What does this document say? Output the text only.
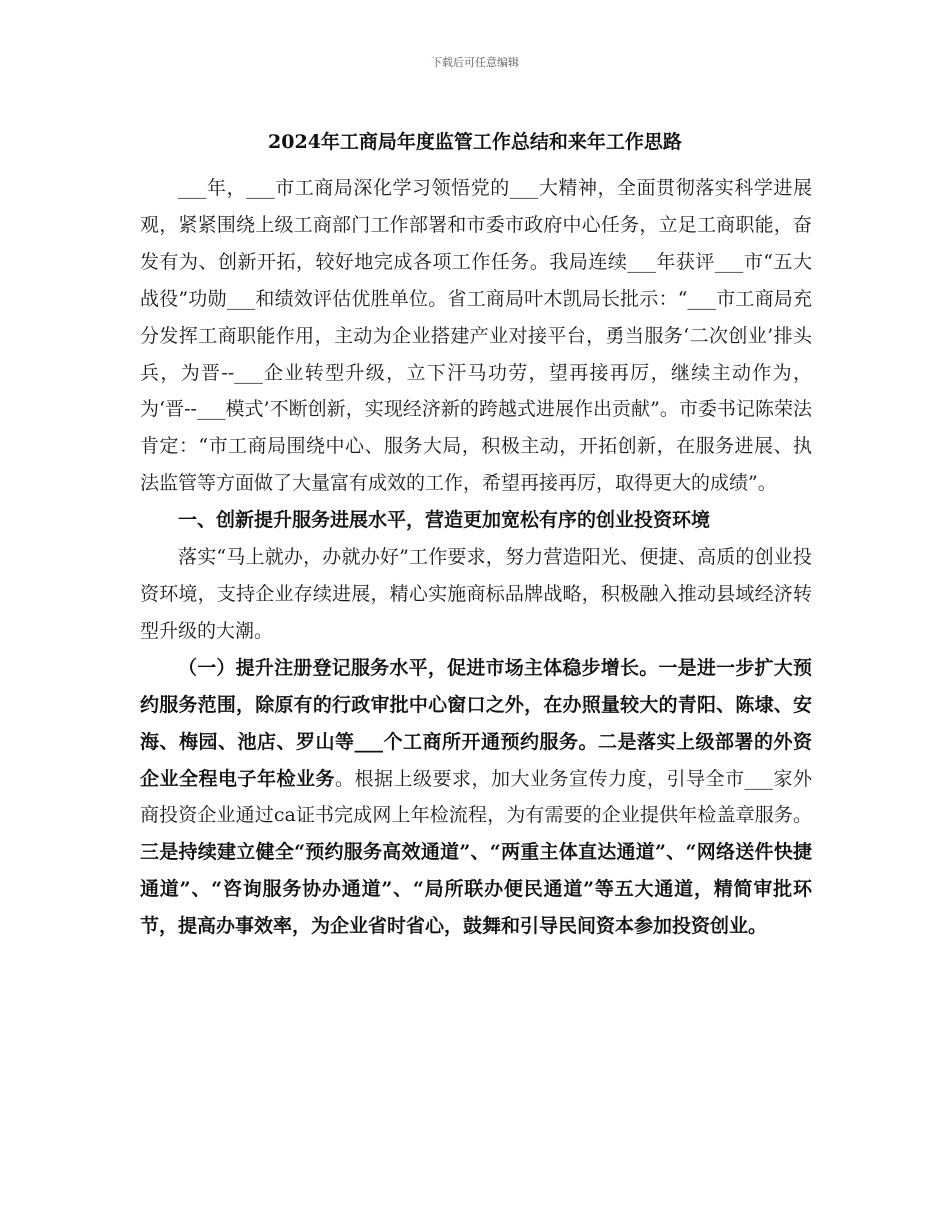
下载后可任意编辑
2024年工商局年度监管工作总结和来年工作思路

___年，___市工商局深化学习领悟党的___大精神，全面贯彻落实科学进展观，紧紧围绕上级工商部门工作部署和市委市政府中心任务，立足工商职能，奋发有为、创新开拓，较好地完成各项工作任务。我局连续___年获评___市“五大战役”功勋___和绩效评估优胜单位。省工商局叶木凯局长批示：“___市工商局充分发挥工商职能作用，主动为企业搭建产业对接平台，勇当服务‘二次创业’排头兵，为晋--___企业转型升级，立下汗马功劳，望再接再厉，继续主动作为，为‘晋--___模式’不断创新，实现经济新的跨越式进展作出贡献”。市委书记陈荣法肯定：“市工商局围绕中心、服务大局，积极主动，开拓创新，在服务进展、执法监管等方面做了大量富有成效的工作，希望再接再厉，取得更大的成绩”。

一、创新提升服务进展水平，营造更加宽松有序的创业投资环境

落实“马上就办，办就办好”工作要求，努力营造阳光、便捷、高质的创业投资环境，支持企业存续进展，精心实施商标品牌战略，积极融入推动县域经济转型升级的大潮。

（一）提升注册登记服务水平，促进市场主体稳步增长。一是进一步扩大预约服务范围，除原有的行政审批中心窗口之外，在办照量较大的青阳、陈埭、安海、梅园、池店、罗山等___个工商所开通预约服务。二是落实上级部署的外资企业全程电子年检业务。根据上级要求，加大业务宣传力度，引导全市___家外商投资企业通过ca证书完成网上年检流程，为有需要的企业提供年检盖章服务。三是持续建立健全“预约服务高效通道”、“两重主体直达通道”、“网络送件快捷通道”、“咨询服务协办通道”、“局所联办便民通道”等五大通道，精简审批环节，提高办事效率，为企业省时省心，鼓舞和引导民间资本参加投资创业。
